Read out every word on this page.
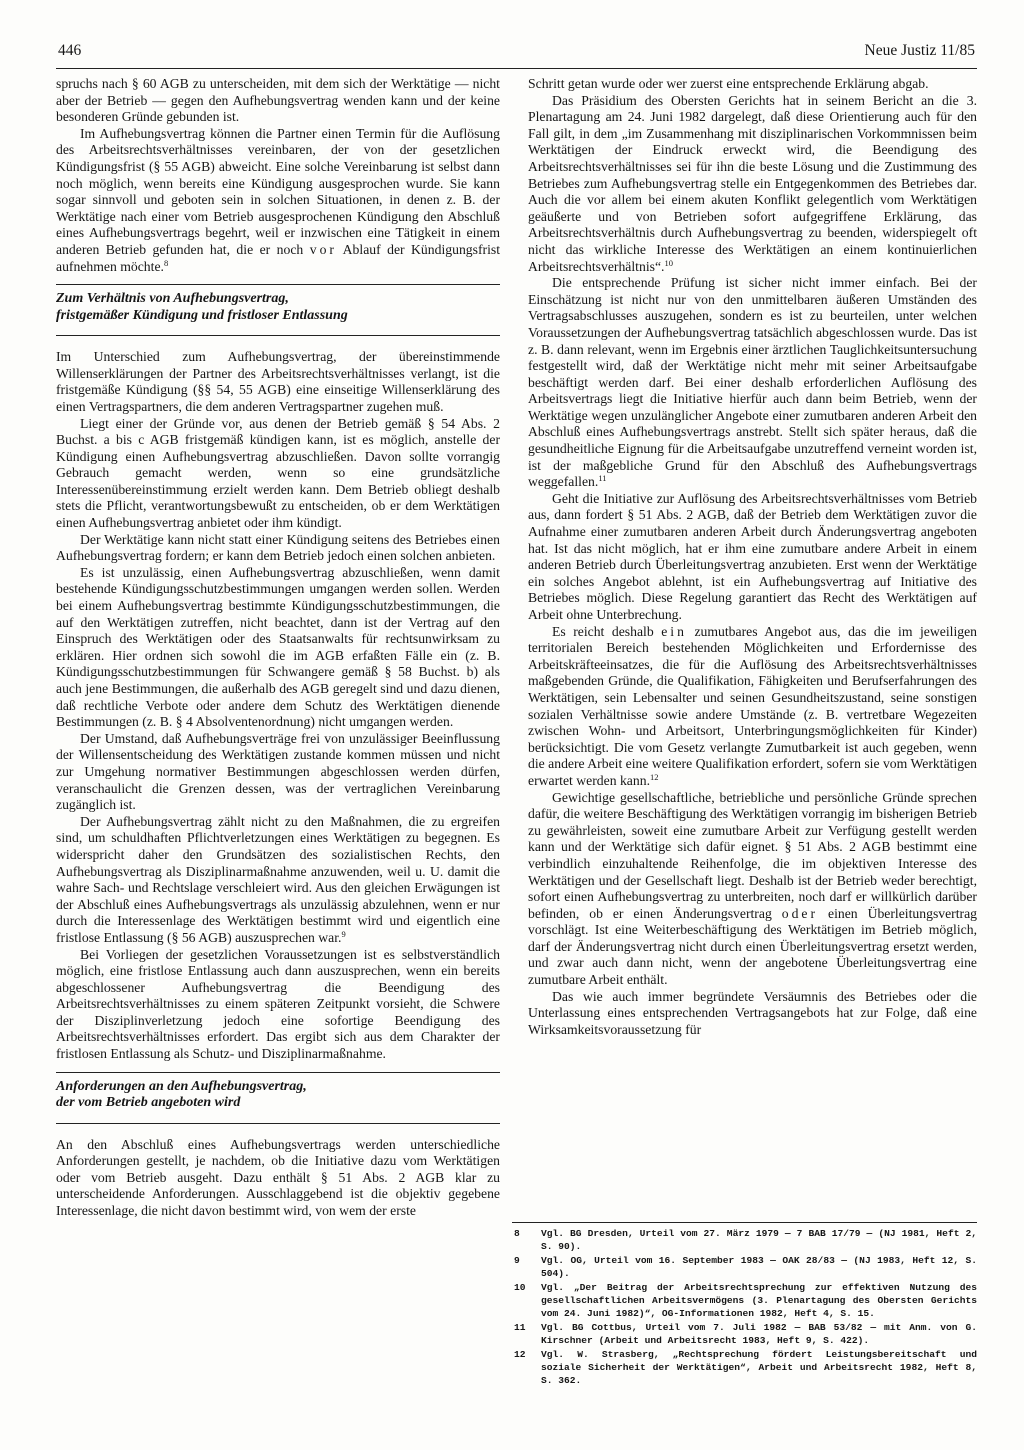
446	Neue Justiz 11/85

spruchs nach § 60 AGB zu unterscheiden, mit dem sich der Werktätige — nicht aber der Betrieb — gegen den Aufhebungsvertrag wenden kann und der keine besonderen Gründe gebunden ist.

Im Aufhebungsvertrag können die Partner einen Termin für die Auflösung des Arbeitsrechtsverhältnisses vereinbaren, der von der gesetzlichen Kündigungsfrist (§ 55 AGB) abweicht. Eine solche Vereinbarung ist selbst dann noch möglich, wenn bereits eine Kündigung ausgesprochen wurde. Sie kann sogar sinnvoll und geboten sein in solchen Situationen, in denen z. B. der Werktätige nach einer vom Betrieb ausgesprochenen Kündigung den Abschluß eines Aufhebungsvertrags begehrt, weil er inzwischen eine Tätigkeit in einem anderen Betrieb gefunden hat, die er noch vor Ablauf der Kündigungsfrist aufnehmen möchte.$^8$

Zum Verhältnis von Aufhebungsvertrag,
fristgemäßer Kündigung und fristloser Entlassung

Im Unterschied zum Aufhebungsvertrag, der übereinstimmende Willenserklärungen der Partner des Arbeitsrechtsverhältnisses verlangt, ist die fristgemäße Kündigung (§§ 54, 55 AGB) eine einseitige Willenserklärung des einen Vertragspartners, die dem anderen Vertragspartner zugehen muß.

Liegt einer der Gründe vor, aus denen der Betrieb gemäß § 54 Abs. 2 Buchst. a bis c AGB fristgemäß kündigen kann, ist es möglich, anstelle der Kündigung einen Aufhebungsvertrag abzuschließen. Davon sollte vorrangig Gebrauch gemacht werden, wenn so eine grundsätzliche Interessenübereinstimmung erzielt werden kann. Dem Betrieb obliegt deshalb stets die Pflicht, verantwortungsbewußt zu entscheiden, ob er dem Werktätigen einen Aufhebungsvertrag anbietet oder ihm kündigt.

Der Werktätige kann nicht statt einer Kündigung seitens des Betriebes einen Aufhebungsvertrag fordern; er kann dem Betrieb jedoch einen solchen anbieten.

Es ist unzulässig, einen Aufhebungsvertrag abzuschließen, wenn damit bestehende Kündigungsschutzbestimmungen umgangen werden sollen. Werden bei einem Aufhebungsvertrag bestimmte Kündigungsschutzbestimmungen, die auf den Werktätigen zutreffen, nicht beachtet, dann ist der Vertrag auf den Einspruch des Werktätigen oder des Staatsanwalts für rechtsunwirksam zu erklären. Hier ordnen sich sowohl die im AGB erfaßten Fälle ein (z. B. Kündigungsschutzbestimmungen für Schwangere gemäß § 58 Buchst. b) als auch jene Bestimmungen, die außerhalb des AGB geregelt sind und dazu dienen, daß rechtliche Verbote oder andere dem Schutz des Werktätigen dienende Bestimmungen (z. B. § 4 Absolventenordnung) nicht umgangen werden.

Der Umstand, daß Aufhebungsverträge frei von unzulässiger Beeinflussung der Willensentscheidung des Werktätigen zustande kommen müssen und nicht zur Umgehung normativer Bestimmungen abgeschlossen werden dürfen, veranschaulicht die Grenzen dessen, was der vertraglichen Vereinbarung zugänglich ist.

Der Aufhebungsvertrag zählt nicht zu den Maßnahmen, die zu ergreifen sind, um schuldhaften Pflichtverletzungen eines Werktätigen zu begegnen. Es widerspricht daher den Grundsätzen des sozialistischen Rechts, den Aufhebungsvertrag als Disziplinarmaßnahme anzuwenden, weil u. U. damit die wahre Sach- und Rechtslage verschleiert wird. Aus den gleichen Erwägungen ist der Abschluß eines Aufhebungsvertrags als unzulässig abzulehnen, wenn er nur durch die Interessenlage des Werktätigen bestimmt wird und eigentlich eine fristlose Entlassung (§ 56 AGB) auszusprechen war.$^9$

Bei Vorliegen der gesetzlichen Voraussetzungen ist es selbstverständlich möglich, eine fristlose Entlassung auch dann auszusprechen, wenn ein bereits abgeschlossener Aufhebungsvertrag die Beendigung des Arbeitsrechtsverhältnisses zu einem späteren Zeitpunkt vorsieht, die Schwere der Disziplinverletzung jedoch eine sofortige Beendigung des Arbeitsrechtsverhältnisses erfordert. Das ergibt sich aus dem Charakter der fristlosen Entlassung als Schutz- und Disziplinarmaßnahme.

Anforderungen an den Aufhebungsvertrag,
der vom Betrieb angeboten wird

An den Abschluß eines Aufhebungsvertrags werden unterschiedliche Anforderungen gestellt, je nachdem, ob die Initiative dazu vom Werktätigen oder vom Betrieb ausgeht. Dazu enthält § 51 Abs. 2 AGB klar zu unterscheidende Anforderungen. Ausschlaggebend ist die objektiv gegebene Interessenlage, die nicht davon bestimmt wird, von wem der erste

Schritt getan wurde oder wer zuerst eine entsprechende Erklärung abgab.

Das Präsidium des Obersten Gerichts hat in seinem Bericht an die 3. Plenartagung am 24. Juni 1982 dargelegt, daß diese Orientierung auch für den Fall gilt, in dem „im Zusammenhang mit disziplinarischen Vorkommnissen beim Werktätigen der Eindruck erweckt wird, die Beendigung des Arbeitsrechtsverhältnisses sei für ihn die beste Lösung und die Zustimmung des Betriebes zum Aufhebungsvertrag stelle ein Entgegenkommen des Betriebes dar. Auch die vor allem bei einem akuten Konflikt gelegentlich vom Werktätigen geäußerte und von Betrieben sofort aufgegriffene Erklärung, das Arbeitsrechtsverhältnis durch Aufhebungsvertrag zu beenden, widerspiegelt oft nicht das wirkliche Interesse des Werktätigen an einem kontinuierlichen Arbeitsrechtsverhältnis“.$^{10}$

Die entsprechende Prüfung ist sicher nicht immer einfach. Bei der Einschätzung ist nicht nur von den unmittelbaren äußeren Umständen des Vertragsabschlusses auszugehen, sondern es ist zu beurteilen, unter welchen Voraussetzungen der Aufhebungsvertrag tatsächlich abgeschlossen wurde. Das ist z. B. dann relevant, wenn im Ergebnis einer ärztlichen Tauglichkeitsuntersuchung festgestellt wird, daß der Werktätige nicht mehr mit seiner Arbeitsaufgabe beschäftigt werden darf. Bei einer deshalb erforderlichen Auflösung des Arbeitsvertrags liegt die Initiative hierfür auch dann beim Betrieb, wenn der Werktätige wegen unzulänglicher Angebote einer zumutbaren anderen Arbeit den Abschluß eines Aufhebungsvertrags anstrebt. Stellt sich später heraus, daß die gesundheitliche Eignung für die Arbeitsaufgabe unzutreffend verneint worden ist, ist der maßgebliche Grund für den Abschluß des Aufhebungsvertrags weggefallen.$^{11}$

Geht die Initiative zur Auflösung des Arbeitsrechtsverhältnisses vom Betrieb aus, dann fordert § 51 Abs. 2 AGB, daß der Betrieb dem Werktätigen zuvor die Aufnahme einer zumutbaren anderen Arbeit durch Änderungsvertrag angeboten hat. Ist das nicht möglich, hat er ihm eine zumutbare andere Arbeit in einem anderen Betrieb durch Überleitungsvertrag anzubieten. Erst wenn der Werktätige ein solches Angebot ablehnt, ist ein Aufhebungsvertrag auf Initiative des Betriebes möglich. Diese Regelung garantiert das Recht des Werktätigen auf Arbeit ohne Unterbrechung.

Es reicht deshalb ein zumutbares Angebot aus, das die im jeweiligen territorialen Bereich bestehenden Möglichkeiten und Erfordernisse des Arbeitskräfteeinsatzes, die für die Auflösung des Arbeitsrechtsverhältnisses maßgebenden Gründe, die Qualifikation, Fähigkeiten und Berufserfahrungen des Werktätigen, sein Lebensalter und seinen Gesundheitszustand, seine sonstigen sozialen Verhältnisse sowie andere Umstände (z. B. vertretbare Wegezeiten zwischen Wohn- und Arbeitsort, Unterbringungsmöglichkeiten für Kinder) berücksichtigt. Die vom Gesetz verlangte Zumutbarkeit ist auch gegeben, wenn die andere Arbeit eine weitere Qualifikation erfordert, sofern sie vom Werktätigen erwartet werden kann.$^{12}$

Gewichtige gesellschaftliche, betriebliche und persönliche Gründe sprechen dafür, die weitere Beschäftigung des Werktätigen vorrangig im bisherigen Betrieb zu gewährleisten, soweit eine zumutbare Arbeit zur Verfügung gestellt werden kann und der Werktätige sich dafür eignet. § 51 Abs. 2 AGB bestimmt eine verbindlich einzuhaltende Reihenfolge, die im objektiven Interesse des Werktätigen und der Gesellschaft liegt. Deshalb ist der Betrieb weder berechtigt, sofort einen Aufhebungsvertrag zu unterbreiten, noch darf er willkürlich darüber befinden, ob er einen Änderungsvertrag oder einen Überleitungsvertrag vorschlägt. Ist eine Weiterbeschäftigung des Werktätigen im Betrieb möglich, darf der Änderungsvertrag nicht durch einen Überleitungsvertrag ersetzt werden, und zwar auch dann nicht, wenn der angebotene Überleitungsvertrag eine zumutbare Arbeit enthält.

Das wie auch immer begründete Versäumnis des Betriebes oder die Unterlassung eines entsprechenden Vertragsangebots hat zur Folge, daß eine Wirksamkeitsvoraussetzung für

8	Vgl. BG Dresden, Urteil vom 27. März 1979 — 7 BAB 17/79 — (NJ 1981, Heft 2, S. 90).
9	Vgl. OG, Urteil vom 16. September 1983 — OAK 28/83 — (NJ 1983, Heft 12, S. 504).
10	Vgl. „Der Beitrag der Arbeitsrechtsprechung zur effektiven Nutzung des gesellschaftlichen Arbeitsvermögens (3. Plenartagung des Obersten Gerichts vom 24. Juni 1982)“, OG-Informationen 1982, Heft 4, S. 15.
11	Vgl. BG Cottbus, Urteil vom 7. Juli 1982 — BAB 53/82 — mit Anm. von G. Kirschner (Arbeit und Arbeitsrecht 1983, Heft 9, S. 422).
12	Vgl. W. Strasberg, „Rechtsprechung fördert Leistungsbereitschaft und soziale Sicherheit der Werktätigen“, Arbeit und Arbeitsrecht 1982, Heft 8, S. 362.
